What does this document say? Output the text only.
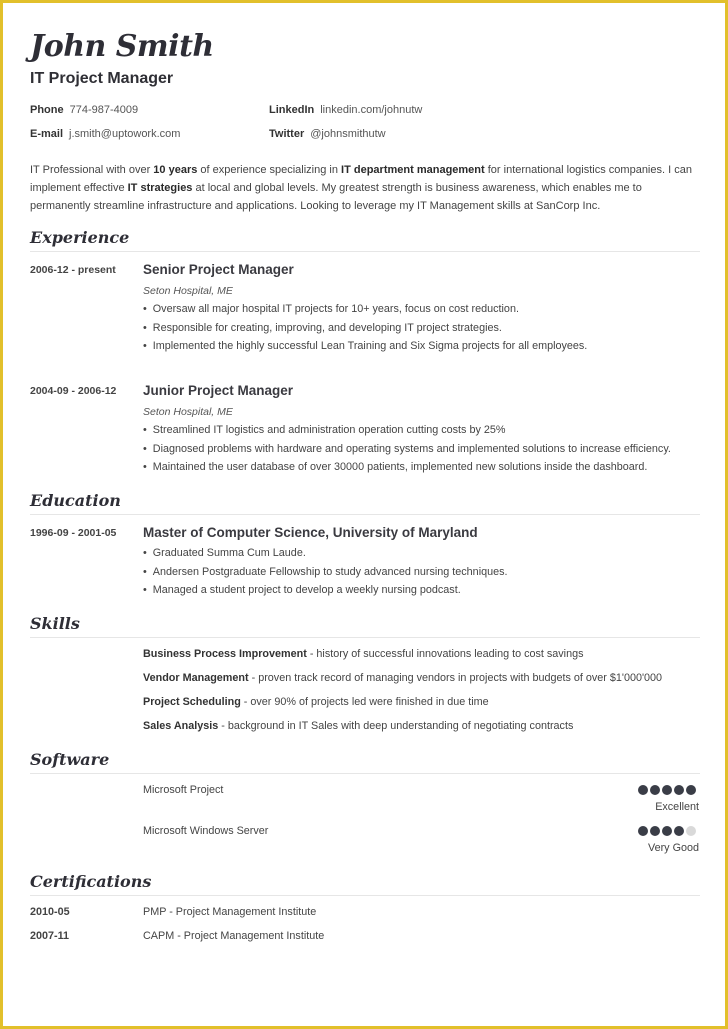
John Smith
IT Project Manager
Phone 774-987-4009
E-mail j.smith@uptowork.com
LinkedIn linkedin.com/johnutw
Twitter @johnsmithutw
IT Professional with over 10 years of experience specializing in IT department management for international logistics companies. I can implement effective IT strategies at local and global levels. My greatest strength is business awareness, which enables me to permanently streamline infrastructure and applications. Looking to leverage my IT Management skills at SanCorp Inc.
Experience
2006-12 - present Senior Project Manager
Seton Hospital, ME
• Oversaw all major hospital IT projects for 10+ years, focus on cost reduction.
• Responsible for creating, improving, and developing IT project strategies.
• Implemented the highly successful Lean Training and Six Sigma projects for all employees.
2004-09 - 2006-12 Junior Project Manager
Seton Hospital, ME
• Streamlined IT logistics and administration operation cutting costs by 25%
• Diagnosed problems with hardware and operating systems and implemented solutions to increase efficiency.
• Maintained the user database of over 30000 patients, implemented new solutions inside the dashboard.
Education
1996-09 - 2001-05 Master of Computer Science, University of Maryland
• Graduated Summa Cum Laude.
• Andersen Postgraduate Fellowship to study advanced nursing techniques.
• Managed a student project to develop a weekly nursing podcast.
Skills
Business Process Improvement - history of successful innovations leading to cost savings
Vendor Management - proven track record of managing vendors in projects with budgets of over $1'000'000
Project Scheduling - over 90% of projects led were finished in due time
Sales Analysis - background in IT Sales with deep understanding of negotiating contracts
Software
Microsoft Project
Excellent
Microsoft Windows Server
Very Good
Certifications
2010-05	PMP - Project Management Institute
2007-11	CAPM - Project Management Institute
